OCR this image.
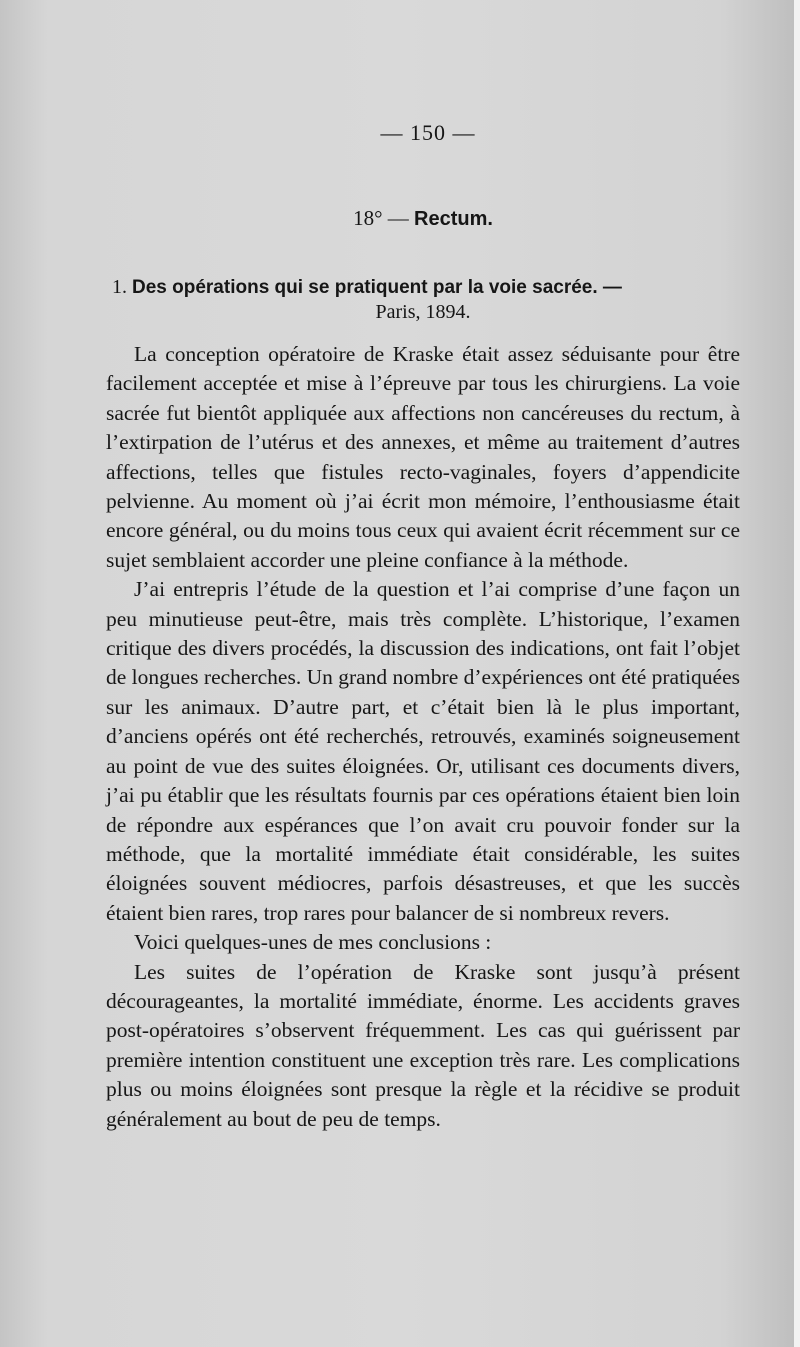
— 150 —
18° — Rectum.
1. Des opérations qui se pratiquent par la voie sacrée. —
Paris, 1894.

La conception opératoire de Kraske était assez séduisante pour être facilement acceptée et mise à l’épreuve par tous les chirurgiens. La voie sacrée fut bientôt appliquée aux affections non cancéreuses du rectum, à l’extirpation de l’utérus et des annexes, et même au traitement d’autres affections, telles que fistules recto-vaginales, foyers d’appendicite pelvienne. Au moment où j’ai écrit mon mémoire, l’enthousiasme était encore général, ou du moins tous ceux qui avaient écrit récemment sur ce sujet semblaient accorder une pleine confiance à la méthode.

J’ai entrepris l’étude de la question et l’ai comprise d’une façon un peu minutieuse peut-être, mais très complète. L’historique, l’examen critique des divers procédés, la discussion des indications, ont fait l’objet de longues recherches. Un grand nombre d’expériences ont été pratiquées sur les animaux. D’autre part, et c’était bien là le plus important, d’anciens opérés ont été recherchés, retrouvés, examinés soigneusement au point de vue des suites éloignées. Or, utilisant ces documents divers, j’ai pu établir que les résultats fournis par ces opérations étaient bien loin de répondre aux espérances que l’on avait cru pouvoir fonder sur la méthode, que la mortalité immédiate était considérable, les suites éloignées souvent médiocres, parfois désastreuses, et que les succès étaient bien rares, trop rares pour balancer de si nombreux revers.

Voici quelques-unes de mes conclusions :

Les suites de l’opération de Kraske sont jusqu’à présent décourageantes, la mortalité immédiate, énorme. Les accidents graves post-opératoires s’observent fréquemment. Les cas qui guérissent par première intention constituent une exception très rare. Les complications plus ou moins éloignées sont presque la règle et la récidive se produit généralement au bout de peu de temps.
